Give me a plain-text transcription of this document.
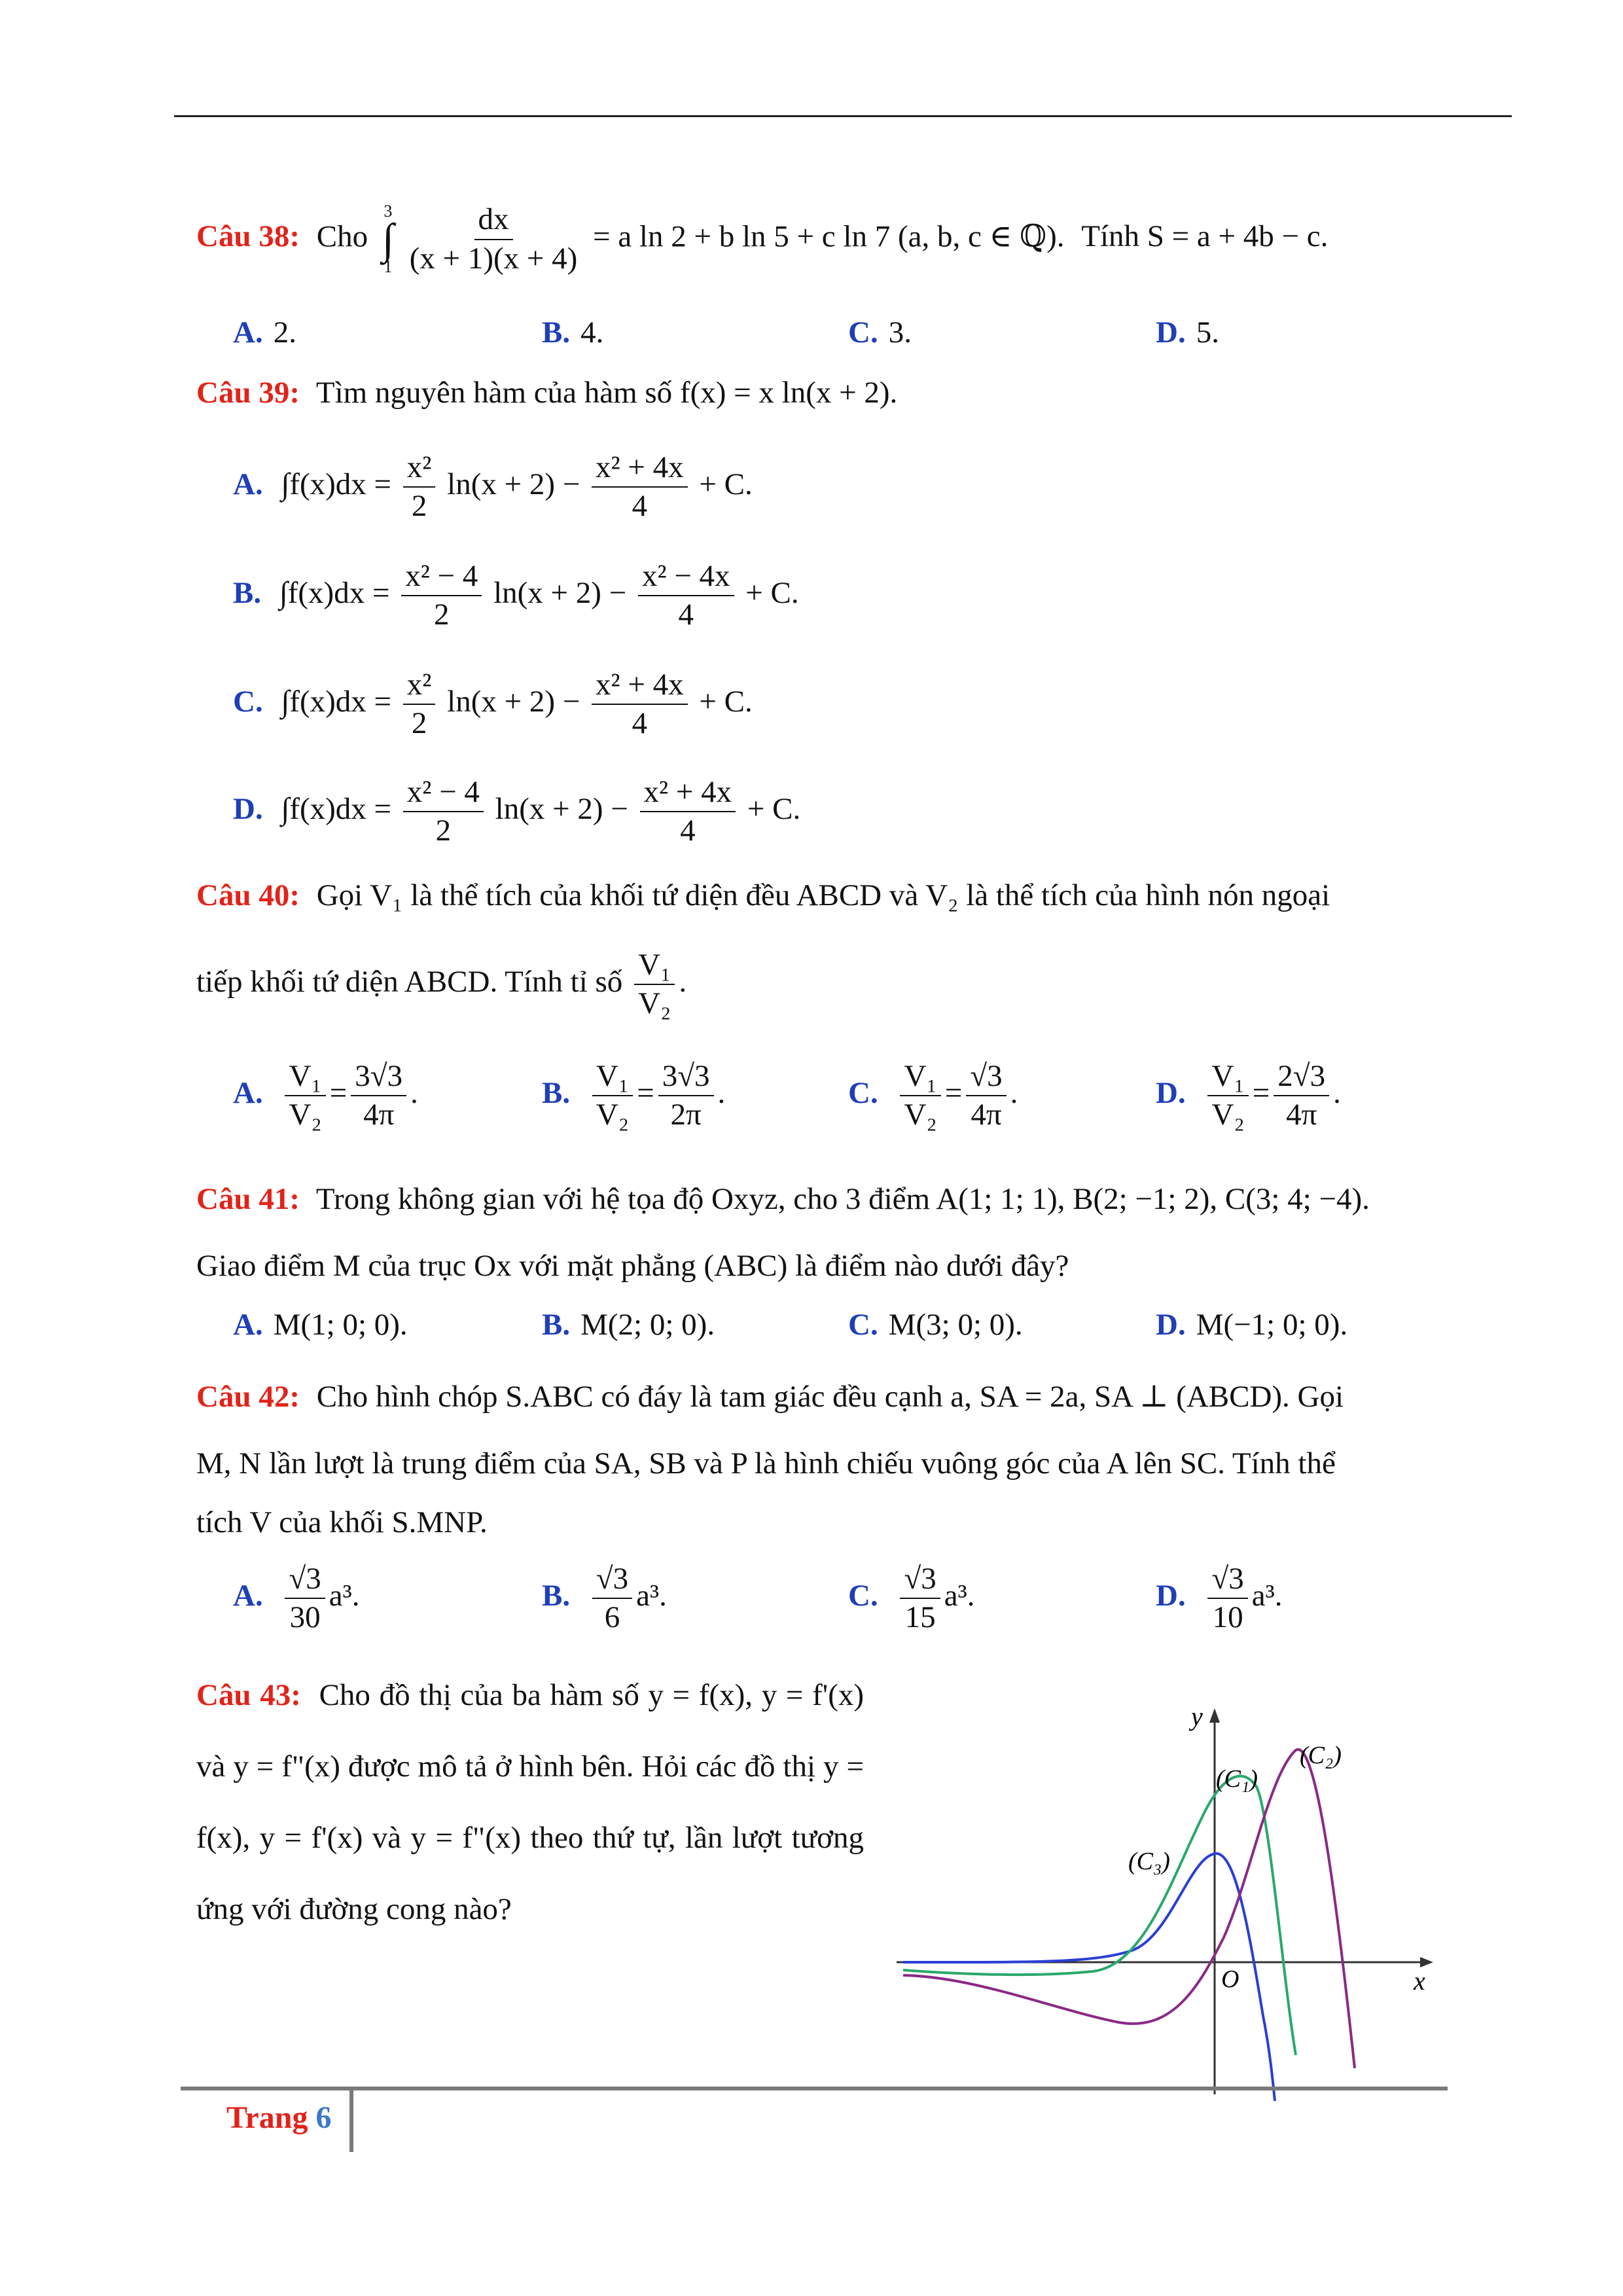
Câu 38: Cho
3
∫
1
$\frac{dx}{(x + 1)(x + 4)} = a$ ln 2 + b ln 5 + c ln 7 (a, b, c ∈ ℚ). Tính S = a + 4b − c.
A. 2.	B. 4.	C. 3.	D. 5.
Câu 39: Tìm nguyên hàm của hàm số f(x) = x ln(x + 2).
A. $\int f(x)dx = \frac{\text{x²}}{2} \ln(x + 2) - \frac{\text{x² + 4x}}{4} + C$.
B. $\int f(x)dx = \frac{\text{x² − 4}}{2} \ln(x + 2) - \frac{\text{x² − 4x}}{4} + C$.
C. $\int f(x)dx = \frac{\text{x²}}{2} \ln(x + 2) - \frac{\text{x² + 4x}}{4} + C$.
D. $\int f(x)dx = \frac{\text{x² − 4}}{2} \ln(x + 2) - \frac{\text{x² + 4x}}{4} + C$.
Câu 40: Gọi V₁ là thể tích của khối tứ diện đều ABCD và V₂ là thể tích của hình nón ngoại
tiếp khối tứ diện ABCD. Tính tỉ số $\frac{\text{V₁}}{\text{V₂}}$ .
A. $\frac{\text{V₁}}{\text{V₂}} = \frac{3√3}{4\pi}$ .	B. $\frac{\text{V₁}}{\text{V₂}} = \frac{3√3}{2\pi}$ .	C. $\frac{\text{V₁}}{\text{V₂}} = \frac{√3}{4\pi}$ .	D. $\frac{\text{V₁}}{\text{V₂}} = \frac{2√3}{4\pi}$ .
Câu 41: Trong không gian với hệ tọa độ Oxyz, cho 3 điểm A(1; 1; 1), B(2; −1; 2), C(3; 4; −4).
Giao điểm M của trục Ox với mặt phẳng (ABC) là điểm nào dưới đây?
A. M(1; 0; 0).	B. M(2; 0; 0).	C. M(3; 0; 0).	D. M(−1; 0; 0).
Câu 42: Cho hình chóp S.ABC có đáy là tam giác đều cạnh a, SA = 2a, SA ⊥ (ABCD). Gọi
M, N lần lượt là trung điểm của SA, SB và P là hình chiếu vuông góc của A lên SC. Tính thể
tích V của khối S.MNP.
A. $\frac{√3}{30} a^3$.	B. $\frac{√3}{6} a^3$.	C. $\frac{√3}{15} a^3$.	D. $\frac{√3}{10} a^3$.
Câu 43: Cho đồ thị của ba hàm số y = f(x), y = f'(x) và y = f"(x) được mô tả ở hình bên. Hỏi các đồ thị y = f(x), y = f'(x) và y = f"(x) theo thứ tự, lần lượt tương ứng với đường cong nào?
y
x
O
(C₁)
(C₂)
(C₃)
Trang 6
